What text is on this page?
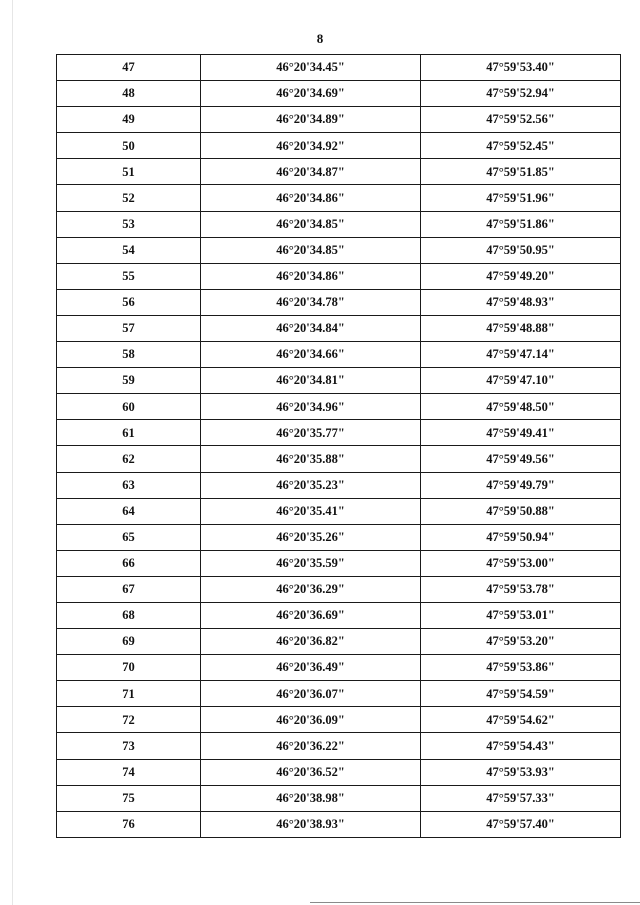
8
47	46°20'34.45"	47°59'53.40"
48	46°20'34.69"	47°59'52.94"
49	46°20'34.89"	47°59'52.56"
50	46°20'34.92"	47°59'52.45"
51	46°20'34.87"	47°59'51.85"
52	46°20'34.86"	47°59'51.96"
53	46°20'34.85"	47°59'51.86"
54	46°20'34.85"	47°59'50.95"
55	46°20'34.86"	47°59'49.20"
56	46°20'34.78"	47°59'48.93"
57	46°20'34.84"	47°59'48.88"
58	46°20'34.66"	47°59'47.14"
59	46°20'34.81"	47°59'47.10"
60	46°20'34.96"	47°59'48.50"
61	46°20'35.77"	47°59'49.41"
62	46°20'35.88"	47°59'49.56"
63	46°20'35.23"	47°59'49.79"
64	46°20'35.41"	47°59'50.88"
65	46°20'35.26"	47°59'50.94"
66	46°20'35.59"	47°59'53.00"
67	46°20'36.29"	47°59'53.78"
68	46°20'36.69"	47°59'53.01"
69	46°20'36.82"	47°59'53.20"
70	46°20'36.49"	47°59'53.86"
71	46°20'36.07"	47°59'54.59"
72	46°20'36.09"	47°59'54.62"
73	46°20'36.22"	47°59'54.43"
74	46°20'36.52"	47°59'53.93"
75	46°20'38.98"	47°59'57.33"
76	46°20'38.93"	47°59'57.40"
